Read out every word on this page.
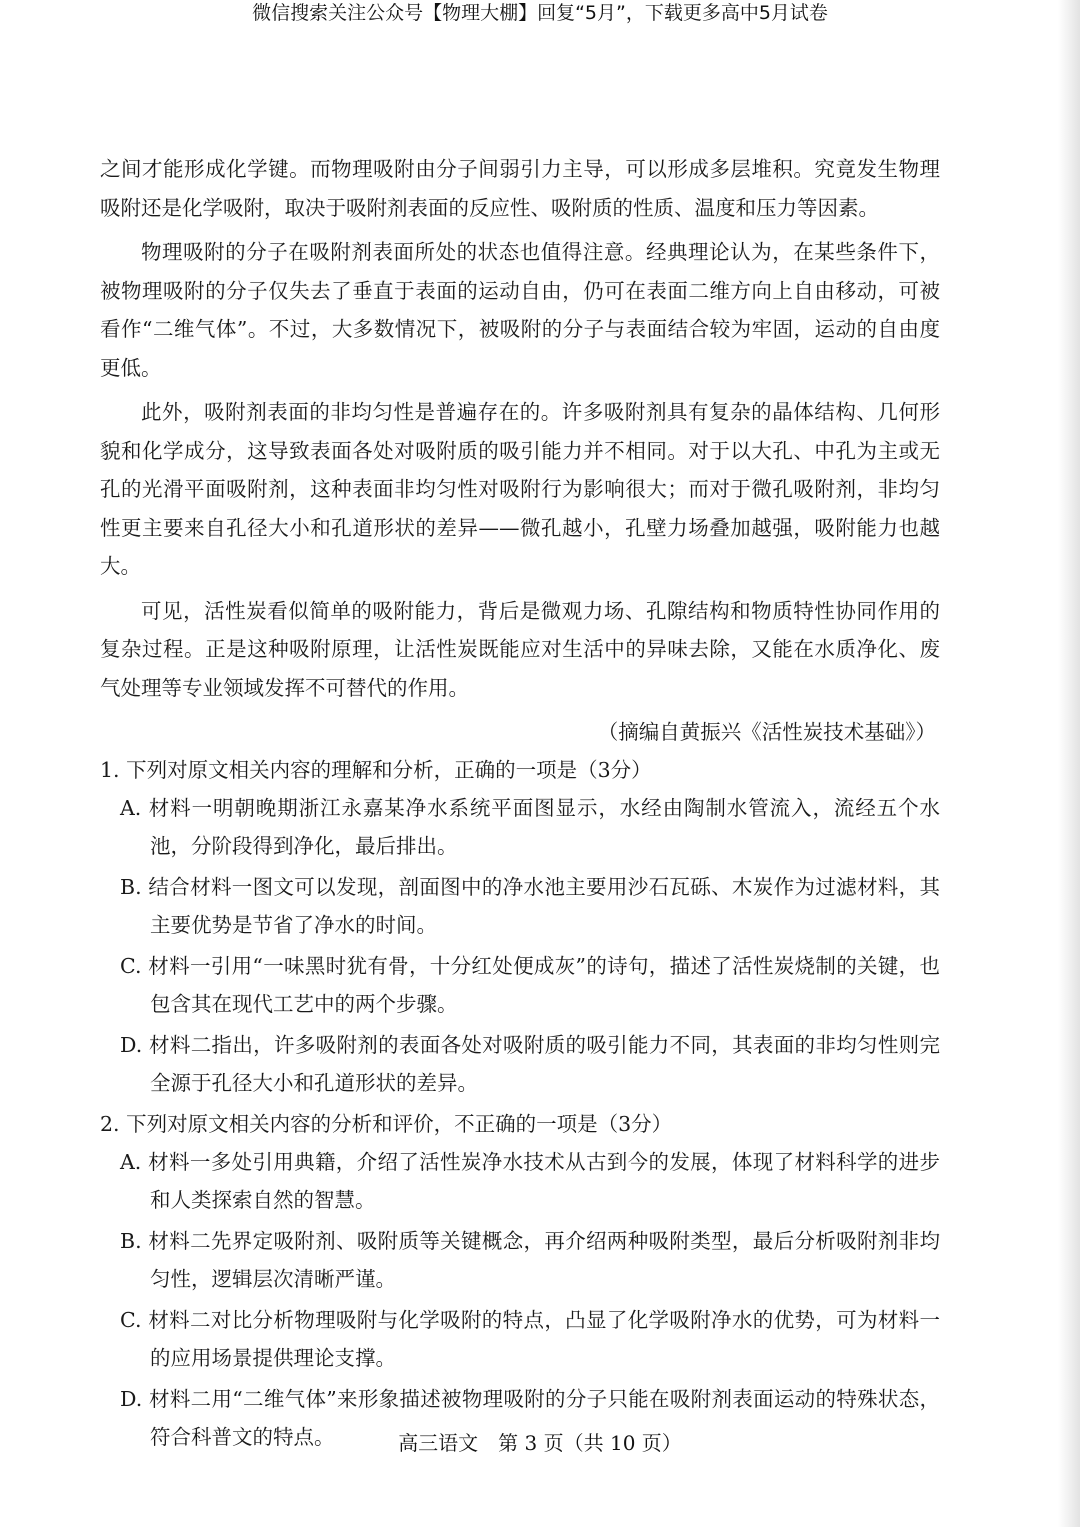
微信搜索关注公众号【物理大棚】回复“5月”，下载更多高中5月试卷

之间才能形成化学键。而物理吸附由分子间弱引力主导，可以形成多层堆积。究竟发生物理吸附还是化学吸附，取决于吸附剂表面的反应性、吸附质的性质、温度和压力等因素。

物理吸附的分子在吸附剂表面所处的状态也值得注意。经典理论认为，在某些条件下，被物理吸附的分子仅失去了垂直于表面的运动自由，仍可在表面二维方向上自由移动，可被看作“二维气体”。不过，大多数情况下，被吸附的分子与表面结合较为牢固，运动的自由度更低。

此外，吸附剂表面的非均匀性是普遍存在的。许多吸附剂具有复杂的晶体结构、几何形貌和化学成分，这导致表面各处对吸附质的吸引能力并不相同。对于以大孔、中孔为主或无孔的光滑平面吸附剂，这种表面非均匀性对吸附行为影响很大；而对于微孔吸附剂，非均匀性更主要来自孔径大小和孔道形状的差异——微孔越小，孔壁力场叠加越强，吸附能力也越大。

可见，活性炭看似简单的吸附能力，背后是微观力场、孔隙结构和物质特性协同作用的复杂过程。正是这种吸附原理，让活性炭既能应对生活中的异味去除，又能在水质净化、废气处理等专业领域发挥不可替代的作用。

（摘编自黄振兴《活性炭技术基础》）

1. 下列对原文相关内容的理解和分析，正确的一项是（3分）

A. 材料一明朝晚期浙江永嘉某净水系统平面图显示，水经由陶制水管流入，流经五个水池，分阶段得到净化，最后排出。

B. 结合材料一图文可以发现，剖面图中的净水池主要用沙石瓦砾、木炭作为过滤材料，其主要优势是节省了净水的时间。

C. 材料一引用“一味黑时犹有骨，十分红处便成灰”的诗句，描述了活性炭烧制的关键，也包含其在现代工艺中的两个步骤。

D. 材料二指出，许多吸附剂的表面各处对吸附质的吸引能力不同，其表面的非均匀性则完全源于孔径大小和孔道形状的差异。

2. 下列对原文相关内容的分析和评价，不正确的一项是（3分）

A. 材料一多处引用典籍，介绍了活性炭净水技术从古到今的发展，体现了材料科学的进步和人类探索自然的智慧。

B. 材料二先界定吸附剂、吸附质等关键概念，再介绍两种吸附类型，最后分析吸附剂非均匀性，逻辑层次清晰严谨。

C. 材料二对比分析物理吸附与化学吸附的特点，凸显了化学吸附净水的优势，可为材料一的应用场景提供理论支撑。

D. 材料二用“二维气体”来形象描述被物理吸附的分子只能在吸附剂表面运动的特殊状态，符合科普文的特点。	高三语文　第 3 页（共 10 页）
